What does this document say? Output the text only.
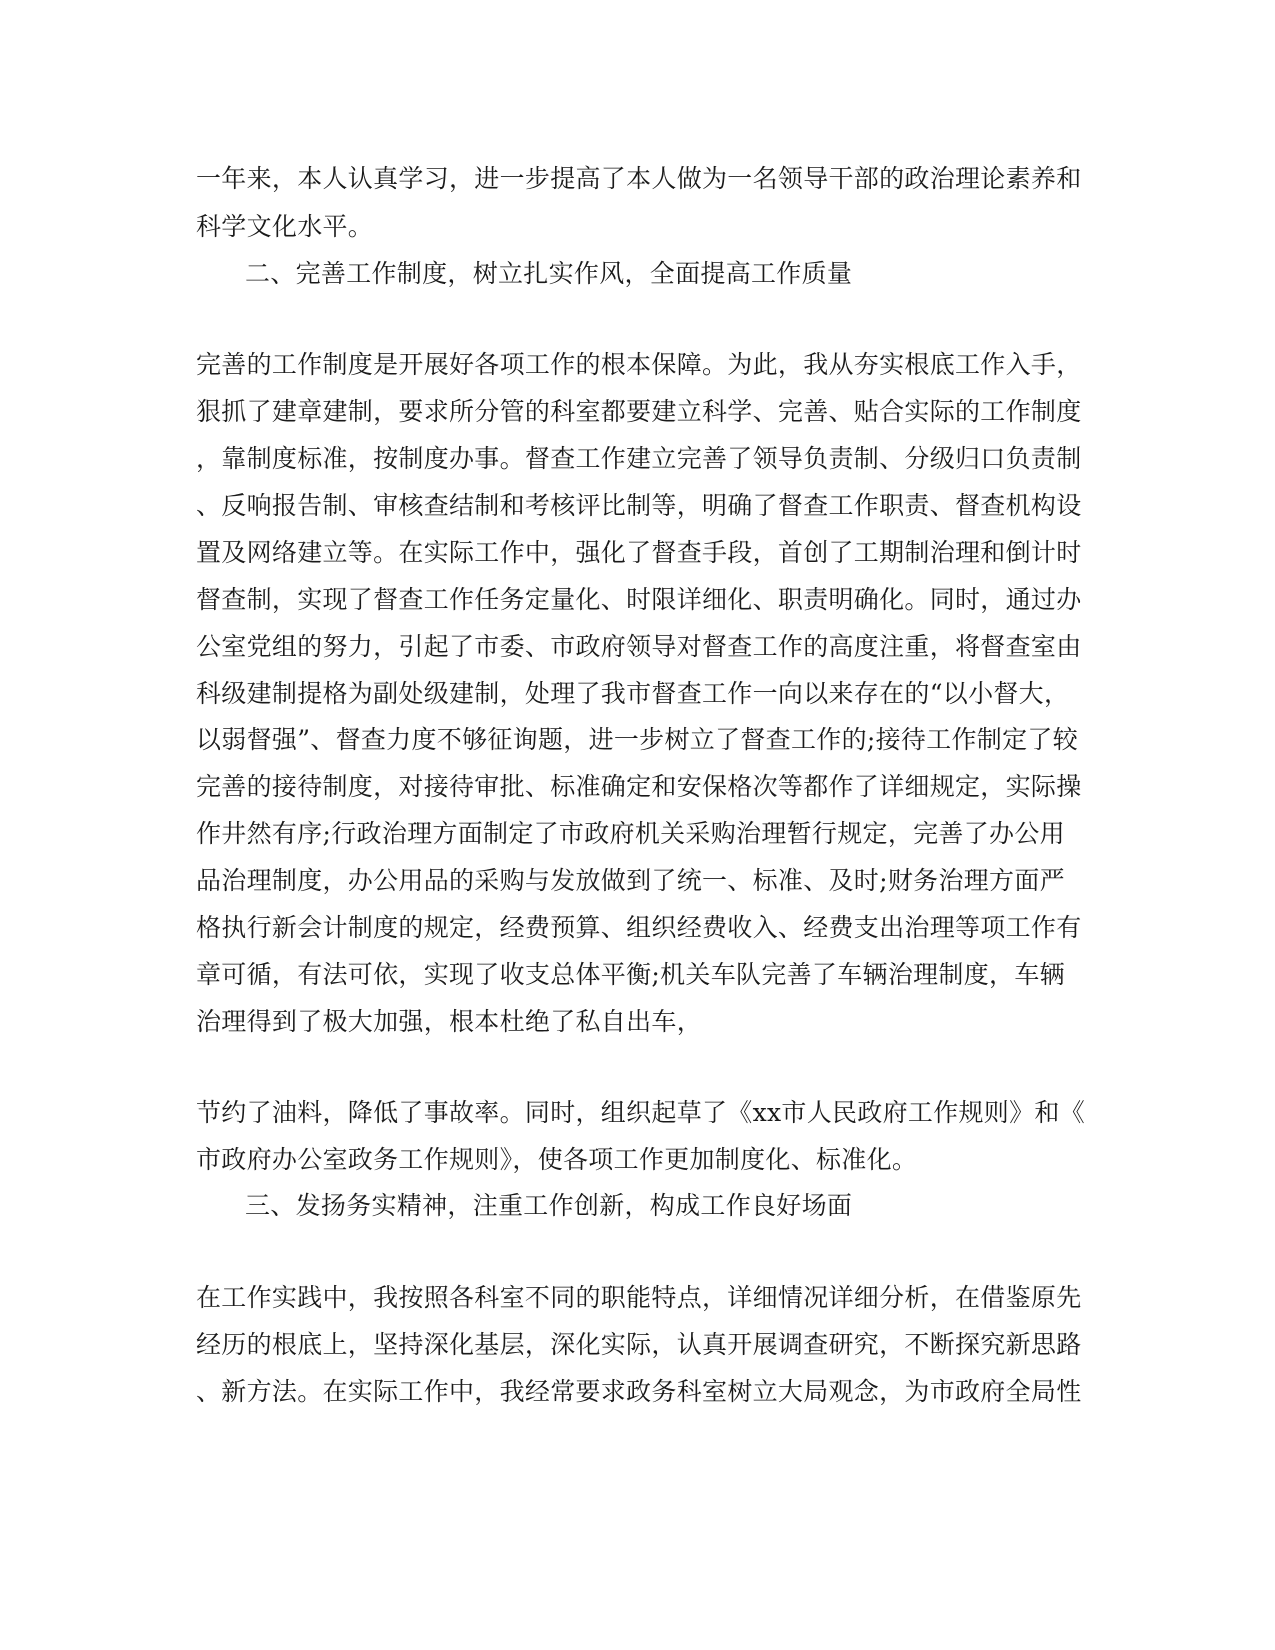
一年来，本人认真学习，进一步提高了本人做为一名领导干部的政治理论素养和
科学文化水平。
二、完善工作制度，树立扎实作风，全面提高工作质量
完善的工作制度是开展好各项工作的根本保障。为此，我从夯实根底工作入手，
狠抓了建章建制，要求所分管的科室都要建立科学、完善、贴合实际的工作制度
，靠制度标准，按制度办事。督查工作建立完善了领导负责制、分级归口负责制
、反响报告制、审核查结制和考核评比制等，明确了督查工作职责、督查机构设
置及网络建立等。在实际工作中，强化了督查手段，首创了工期制治理和倒计时
督查制，实现了督查工作任务定量化、时限详细化、职责明确化。同时，通过办
公室党组的努力，引起了市委、市政府领导对督查工作的高度注重，将督查室由
科级建制提格为副处级建制，处理了我市督查工作一向以来存在的“以小督大，
以弱督强”、督查力度不够征询题，进一步树立了督查工作的;接待工作制定了较
完善的接待制度，对接待审批、标准确定和安保格次等都作了详细规定，实际操
作井然有序;行政治理方面制定了市政府机关采购治理暂行规定，完善了办公用
品治理制度，办公用品的采购与发放做到了统一、标准、及时;财务治理方面严
格执行新会计制度的规定，经费预算、组织经费收入、经费支出治理等项工作有
章可循，有法可依，实现了收支总体平衡;机关车队完善了车辆治理制度，车辆
治理得到了极大加强，根本杜绝了私自出车，
节约了油料，降低了事故率。同时，组织起草了《xx市人民政府工作规则》和《
市政府办公室政务工作规则》，使各项工作更加制度化、标准化。
三、发扬务实精神，注重工作创新，构成工作良好场面
在工作实践中，我按照各科室不同的职能特点，详细情况详细分析，在借鉴原先
经历的根底上，坚持深化基层，深化实际，认真开展调查研究，不断探究新思路
、新方法。在实际工作中，我经常要求政务科室树立大局观念，为市政府全局性
